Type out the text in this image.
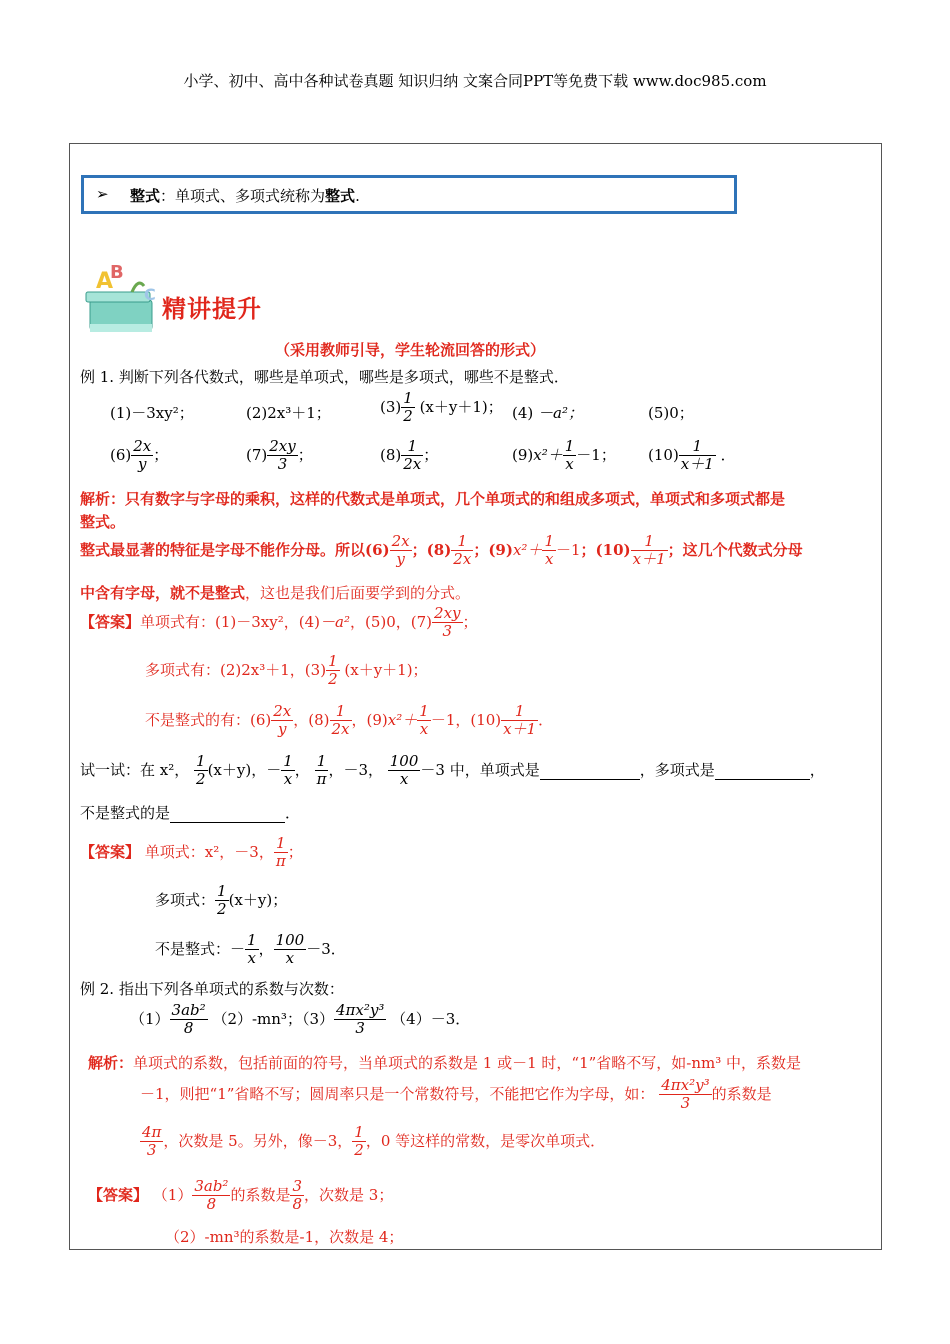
小学、初中、高中各种试卷真题 知识归纳 文案合同PPT等免费下载 www.doc985.com
➢ 整式：单项式、多项式统称为整式.
A
B
C 精讲提升
（采用教师引导，学生轮流回答的形式）
例 1. 判断下列各代数式，哪些是单项式，哪些是多项式，哪些不是整式．
(1)－3xy²；	(2)2x³＋1；	$(3) \frac{1}{2} (x+y+1)$； (4) －a²；	(5)0；
$(6) \frac{2x}{y}$ ；	$(7) \frac{2xy}{3}$ ；	$(8) \frac{1}{2x}$ ；	$(9)x^2+ \frac{1}{x} -1$； $(10) \frac{1}{x+1}$ ．
解析：只有数字与字母的乘积，这样的代数式是单项式，几个单项式的和组成多项式，单项式和多项式都是
整式。
整式最显著的特征是字母不能作分母。所以$(6) \frac{2x}{y}$ ；$(8) \frac{1}{2x}$ ；$(9)x^2+ \frac{1}{x} -1$；$(10) \frac{1}{x+1}$ ；这几个代数式分母
中含有字母，就不是整式，这也是我们后面要学到的分式。
【答案】单项式有：(1)－3xy²，(4)－a²，(5)0，$(7) \frac{2xy}{3}$ ；
多项式有：(2)2x³＋1，$(3) \frac{1}{2} (x+y+1)$；
不是整式的有：$(6) \frac{2x}{y}$ ，$(8) \frac{1}{2x}$ ，$(9)x^2+ \frac{1}{x} -1$，$(10) \frac{1}{x+1}$ ．
试一试：在 x²， $\frac{1}{2} (x+y)$，－ $\frac{1}{x}$ ， $\frac{1}{\pi}$ ，－3， $\frac{100}{x} -3$ 中，单项式是	，多项式是	，
不是整式的是	．
【答案】 单项式：x²，－3， $\frac{1}{\pi}$ ；
多项式： $\frac{1}{2} (x+y)$；
不是整式：－ $\frac{1}{x}$ ， $\frac{100}{x} -3$．
例 2. 指出下列各单项式的系数与次数：
$(1) \frac{\text{3ab²}}{8} (2)-mn^3$；$(3) \frac{\text{4πx²y³}}{3} (4)-3$．
解析：单项式的系数，包括前面的符号，当单项式的系数是 1 或－1 时，“1”省略不写，如-nm³ 中，系数是
－1，则把“1”省略不写；圆周率只是一个常数符号，不能把它作为字母，如： $\frac{\text{4πx²y³}}{3}$ 的系数是
$\frac{4\pi}{3}$ ，次数是 5。另外，像－3， $\frac{1}{2}$ ，0 等这样的常数，是零次单项式．
【答案】 $(1) \frac{\text{3ab²}}{8}$ 的系数是 $\frac{3}{8}$ ，次数是 3；
（2）-mn³的系数是-1，次数是 4；
